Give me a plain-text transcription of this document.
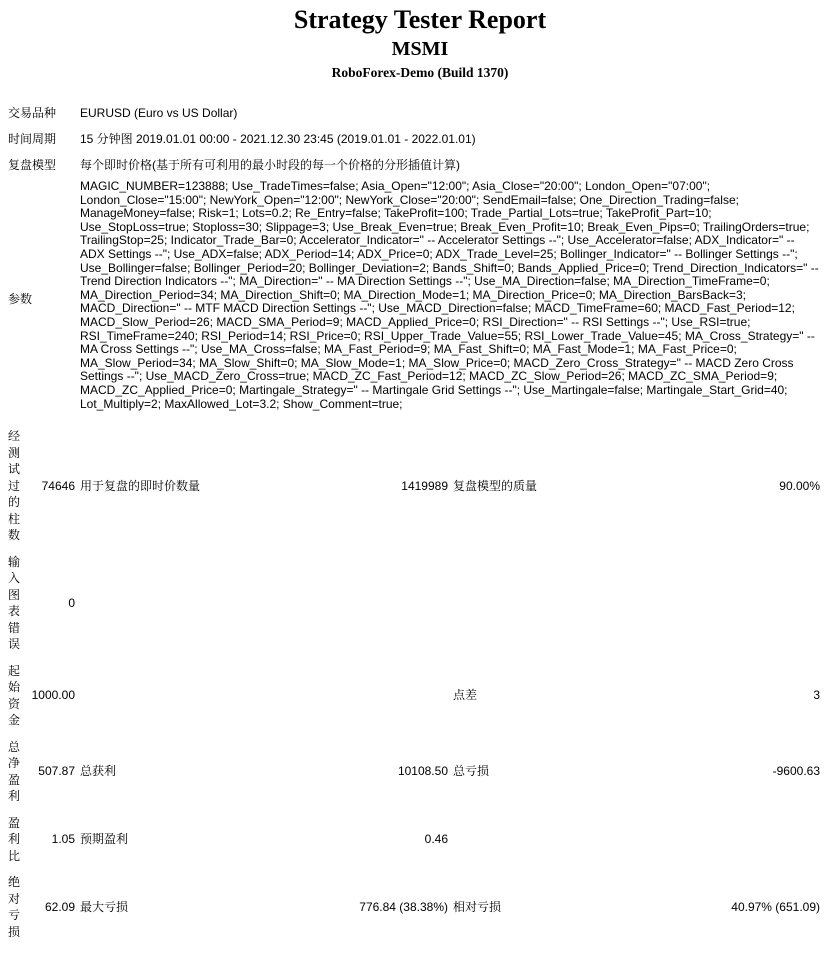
Strategy Tester Report
MSMI
RoboForex-Demo (Build 1370)
交易品种	EURUSD (Euro vs US Dollar)
时间周期	15 分钟图 2019.01.01 00:00 - 2021.12.30 23:45 (2019.01.01 - 2022.01.01)
复盘模型	每个即时价格(基于所有可利用的最小时段的每一个价格的分形插值计算)
参数	MAGIC_NUMBER=123888; Use_TradeTimes=false; Asia_Open="12:00"; Asia_Close="20:00"; London_Open="07:00"; London_Close="15:00"; NewYork_Open="12:00"; NewYork_Close="20:00"; SendEmail=false; One_Direction_Trading=false; ManageMoney=false; Risk=1; Lots=0.2; Re_Entry=false; TakeProfit=100; Trade_Partial_Lots=true; TakeProfit_Part=10; Use_StopLoss=true; Stoploss=30; Slippage=3; Use_Break_Even=true; Break_Even_Profit=10; Break_Even_Pips=0; TrailingOrders=true; TrailingStop=25; Indicator_Trade_Bar=0; Accelerator_Indicator=" -- Accelerator Settings --"; Use_Accelerator=false; ADX_Indicator=" -- ADX Settings --"; Use_ADX=false; ADX_Period=14; ADX_Price=0; ADX_Trade_Level=25; Bollinger_Indicator=" -- Bollinger Settings --"; Use_Bollinger=false; Bollinger_Period=20; Bollinger_Deviation=2; Bands_Shift=0; Bands_Applied_Price=0; Trend_Direction_Indicators=" -- Trend Direction Indicators --"; MA_Direction=" -- MA Direction Settings --"; Use_MA_Direction=false; MA_Direction_TimeFrame=0; MA_Direction_Period=34; MA_Direction_Shift=0; MA_Direction_Mode=1; MA_Direction_Price=0; MA_Direction_BarsBack=3; MACD_Direction=" -- MTF MACD Direction Settings --"; Use_MACD_Direction=false; MACD_TimeFrame=60; MACD_Fast_Period=12; MACD_Slow_Period=26; MACD_SMA_Period=9; MACD_Applied_Price=0; RSI_Direction=" -- RSI Settings --"; Use_RSI=true; RSI_TimeFrame=240; RSI_Period=14; RSI_Price=0; RSI_Upper_Trade_Value=55; RSI_Lower_Trade_Value=45; MA_Cross_Strategy=" -- MA Cross Settings --"; Use_MA_Cross=false; MA_Fast_Period=9; MA_Fast_Shift=0; MA_Fast_Mode=1; MA_Fast_Price=0; MA_Slow_Period=34; MA_Slow_Shift=0; MA_Slow_Mode=1; MA_Slow_Price=0; MACD_Zero_Cross_Strategy=" -- MACD Zero Cross Settings --"; Use_MACD_Zero_Cross=true; MACD_ZC_Fast_Period=12; MACD_ZC_Slow_Period=26; MACD_ZC_SMA_Period=9; MACD_ZC_Applied_Price=0; Martingale_Strategy=" -- Martingale Grid Settings --"; Use_Martingale=false; Martingale_Start_Grid=40; Lot_Multiply=2; MaxAllowed_Lot=3.2; Show_Comment=true;
经测试过的柱数	74646	用于复盘的即时价数量	1419989	复盘模型的质量	90.00%
输入图表错误	0				
起始资金	1000.00			点差	3
总净盈利	507.87	总获利	10108.50	总亏损	-9600.63
盈利比	1.05	预期盈利	0.46		
绝对亏损	62.09	最大亏损	776.84 (38.38%)	相对亏损	40.97% (651.09)
